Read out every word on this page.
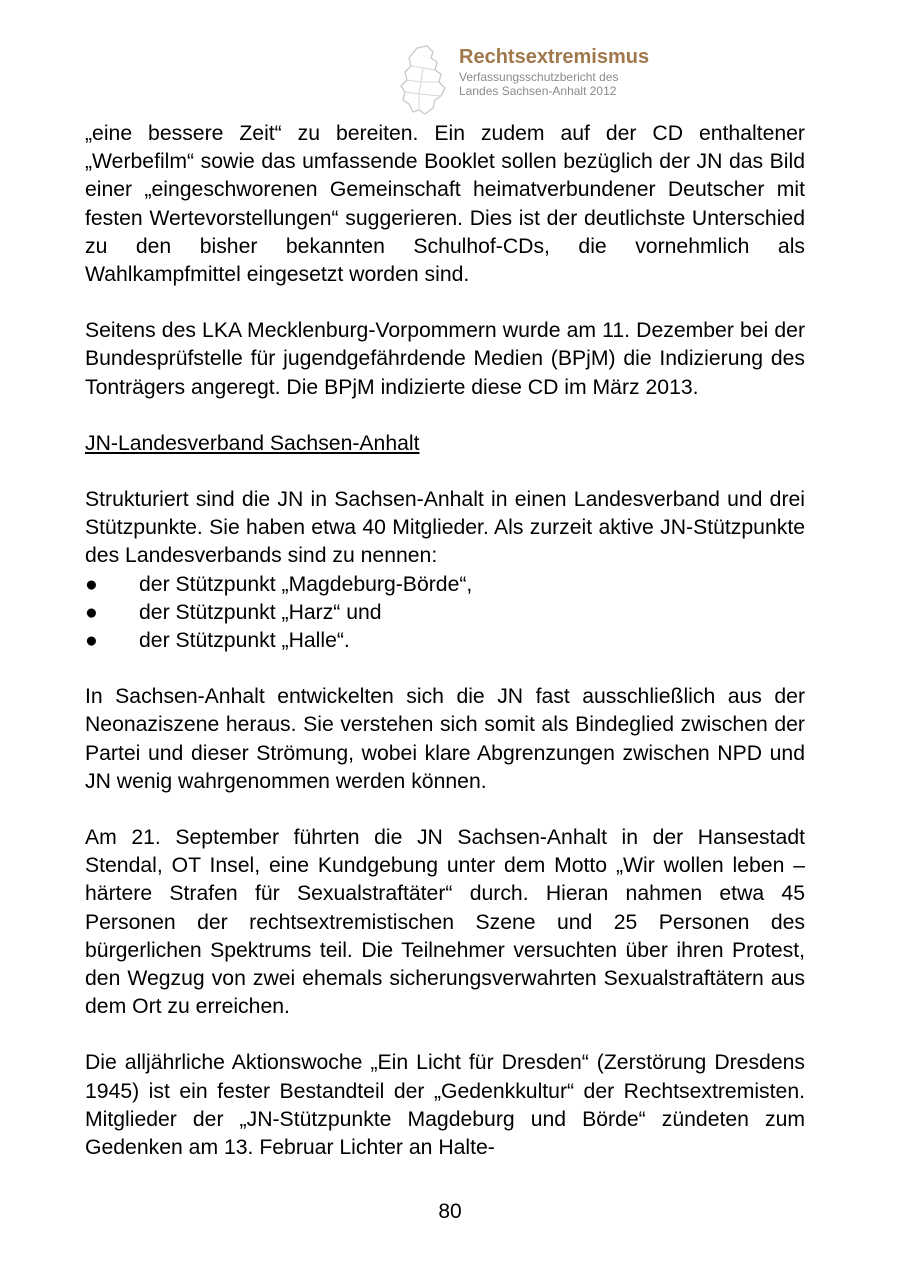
Rechtsextremismus
Verfassungsschutzbericht des
Landes Sachsen-Anhalt 2012

„eine bessere Zeit“ zu bereiten. Ein zudem auf der CD enthaltener „Werbefilm“ sowie das umfassende Booklet sollen bezüglich der JN das Bild einer „eingeschworenen Gemeinschaft heimatverbundener Deutscher mit festen Wertevorstellungen“ suggerieren. Dies ist der deutlichste Unterschied zu den bisher bekannten Schulhof-CDs, die vornehmlich als Wahlkampfmittel eingesetzt worden sind.

Seitens des LKA Mecklenburg-Vorpommern wurde am 11. Dezember bei der Bundesprüfstelle für jugendgefährdende Medien (BPjM) die Indizierung des Tonträgers angeregt. Die BPjM indizierte diese CD im März 2013.

JN-Landesverband Sachsen-Anhalt

Strukturiert sind die JN in Sachsen-Anhalt in einen Landesverband und drei Stützpunkte. Sie haben etwa 40 Mitglieder. Als zurzeit aktive JN-Stützpunkte des Landesverbands sind zu nennen:

● der Stützpunkt „Magdeburg-Börde“,
● der Stützpunkt „Harz“ und
● der Stützpunkt „Halle“.

In Sachsen-Anhalt entwickelten sich die JN fast ausschließlich aus der Neonaziszene heraus. Sie verstehen sich somit als Bindeglied zwischen der Partei und dieser Strömung, wobei klare Abgrenzungen zwischen NPD und JN wenig wahrgenommen werden können.

Am 21. September führten die JN Sachsen-Anhalt in der Hansestadt Stendal, OT Insel, eine Kundgebung unter dem Motto „Wir wollen leben – härtere Strafen für Sexualstraftäter“ durch. Hieran nahmen etwa 45 Personen der rechtsextremistischen Szene und 25 Personen des bürgerlichen Spektrums teil. Die Teilnehmer versuchten über ihren Protest, den Wegzug von zwei ehemals sicherungsverwahrten Sexualstraftätern aus dem Ort zu erreichen.

Die alljährliche Aktionswoche „Ein Licht für Dresden“ (Zerstörung Dresdens 1945) ist ein fester Bestandteil der „Gedenkkultur“ der Rechtsextremisten. Mitglieder der „JN-Stützpunkte Magdeburg und Börde“ zündeten zum Gedenken am 13. Februar Lichter an Halte-

80
